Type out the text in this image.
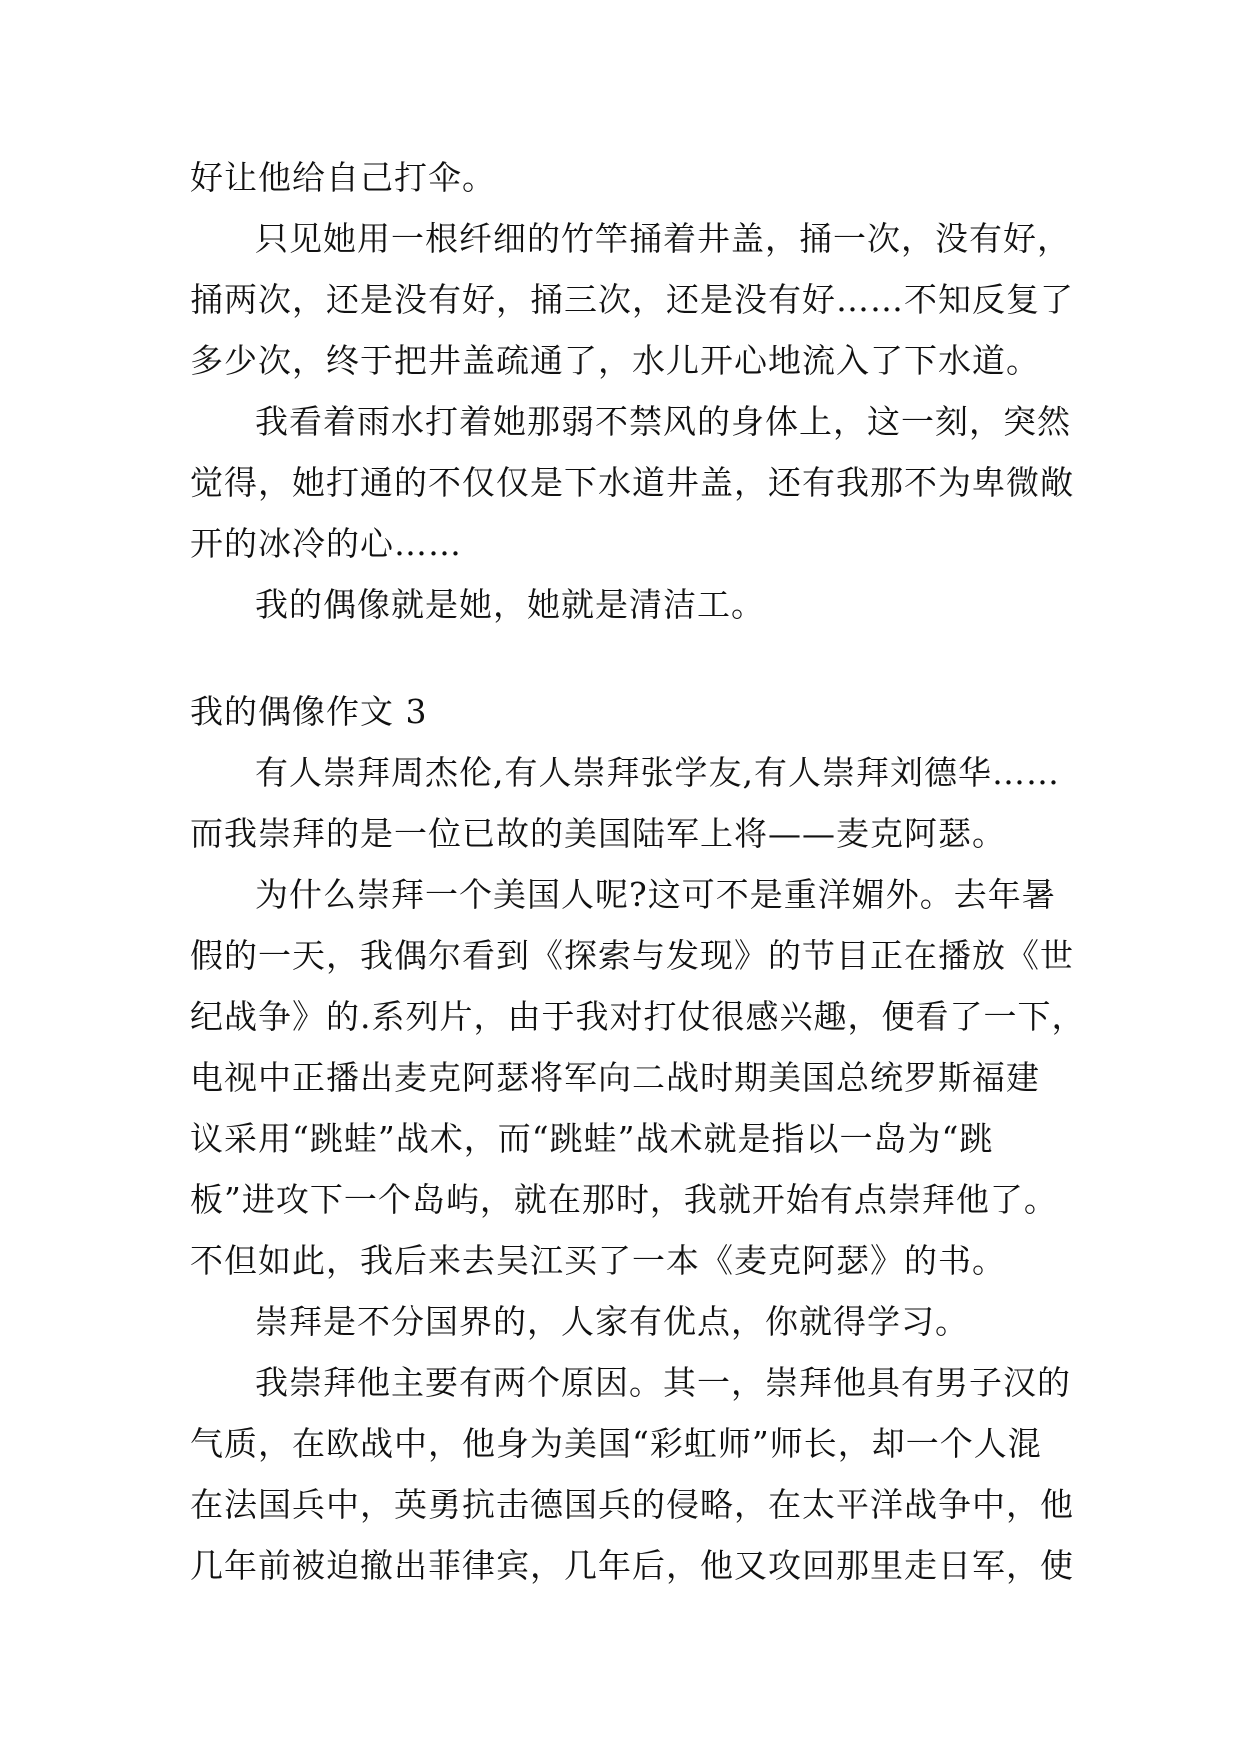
好让他给自己打伞。
只见她用一根纤细的竹竿捅着井盖，捅一次，没有好，
捅两次，还是没有好，捅三次，还是没有好……不知反复了
多少次，终于把井盖疏通了，水儿开心地流入了下水道。
我看着雨水打着她那弱不禁风的身体上，这一刻，突然
觉得，她打通的不仅仅是下水道井盖，还有我那不为卑微敞
开的冰冷的心……
我的偶像就是她，她就是清洁工。
我的偶像作文 3
有人崇拜周杰伦,有人崇拜张学友,有人崇拜刘德华……
而我崇拜的是一位已故的美国陆军上将——麦克阿瑟。
为什么崇拜一个美国人呢?这可不是重洋媚外。去年暑
假的一天，我偶尔看到《探索与发现》的节目正在播放《世
纪战争》的.系列片，由于我对打仗很感兴趣，便看了一下，
电视中正播出麦克阿瑟将军向二战时期美国总统罗斯福建
议采用“跳蛙”战术，而“跳蛙”战术就是指以一岛为“跳
板”进攻下一个岛屿，就在那时，我就开始有点崇拜他了。
不但如此，我后来去吴江买了一本《麦克阿瑟》的书。
崇拜是不分国界的，人家有优点，你就得学习。
我崇拜他主要有两个原因。其一，崇拜他具有男子汉的
气质，在欧战中，他身为美国“彩虹师”师长，却一个人混
在法国兵中，英勇抗击德国兵的侵略，在太平洋战争中，他
几年前被迫撤出菲律宾，几年后，他又攻回那里走日军，使
